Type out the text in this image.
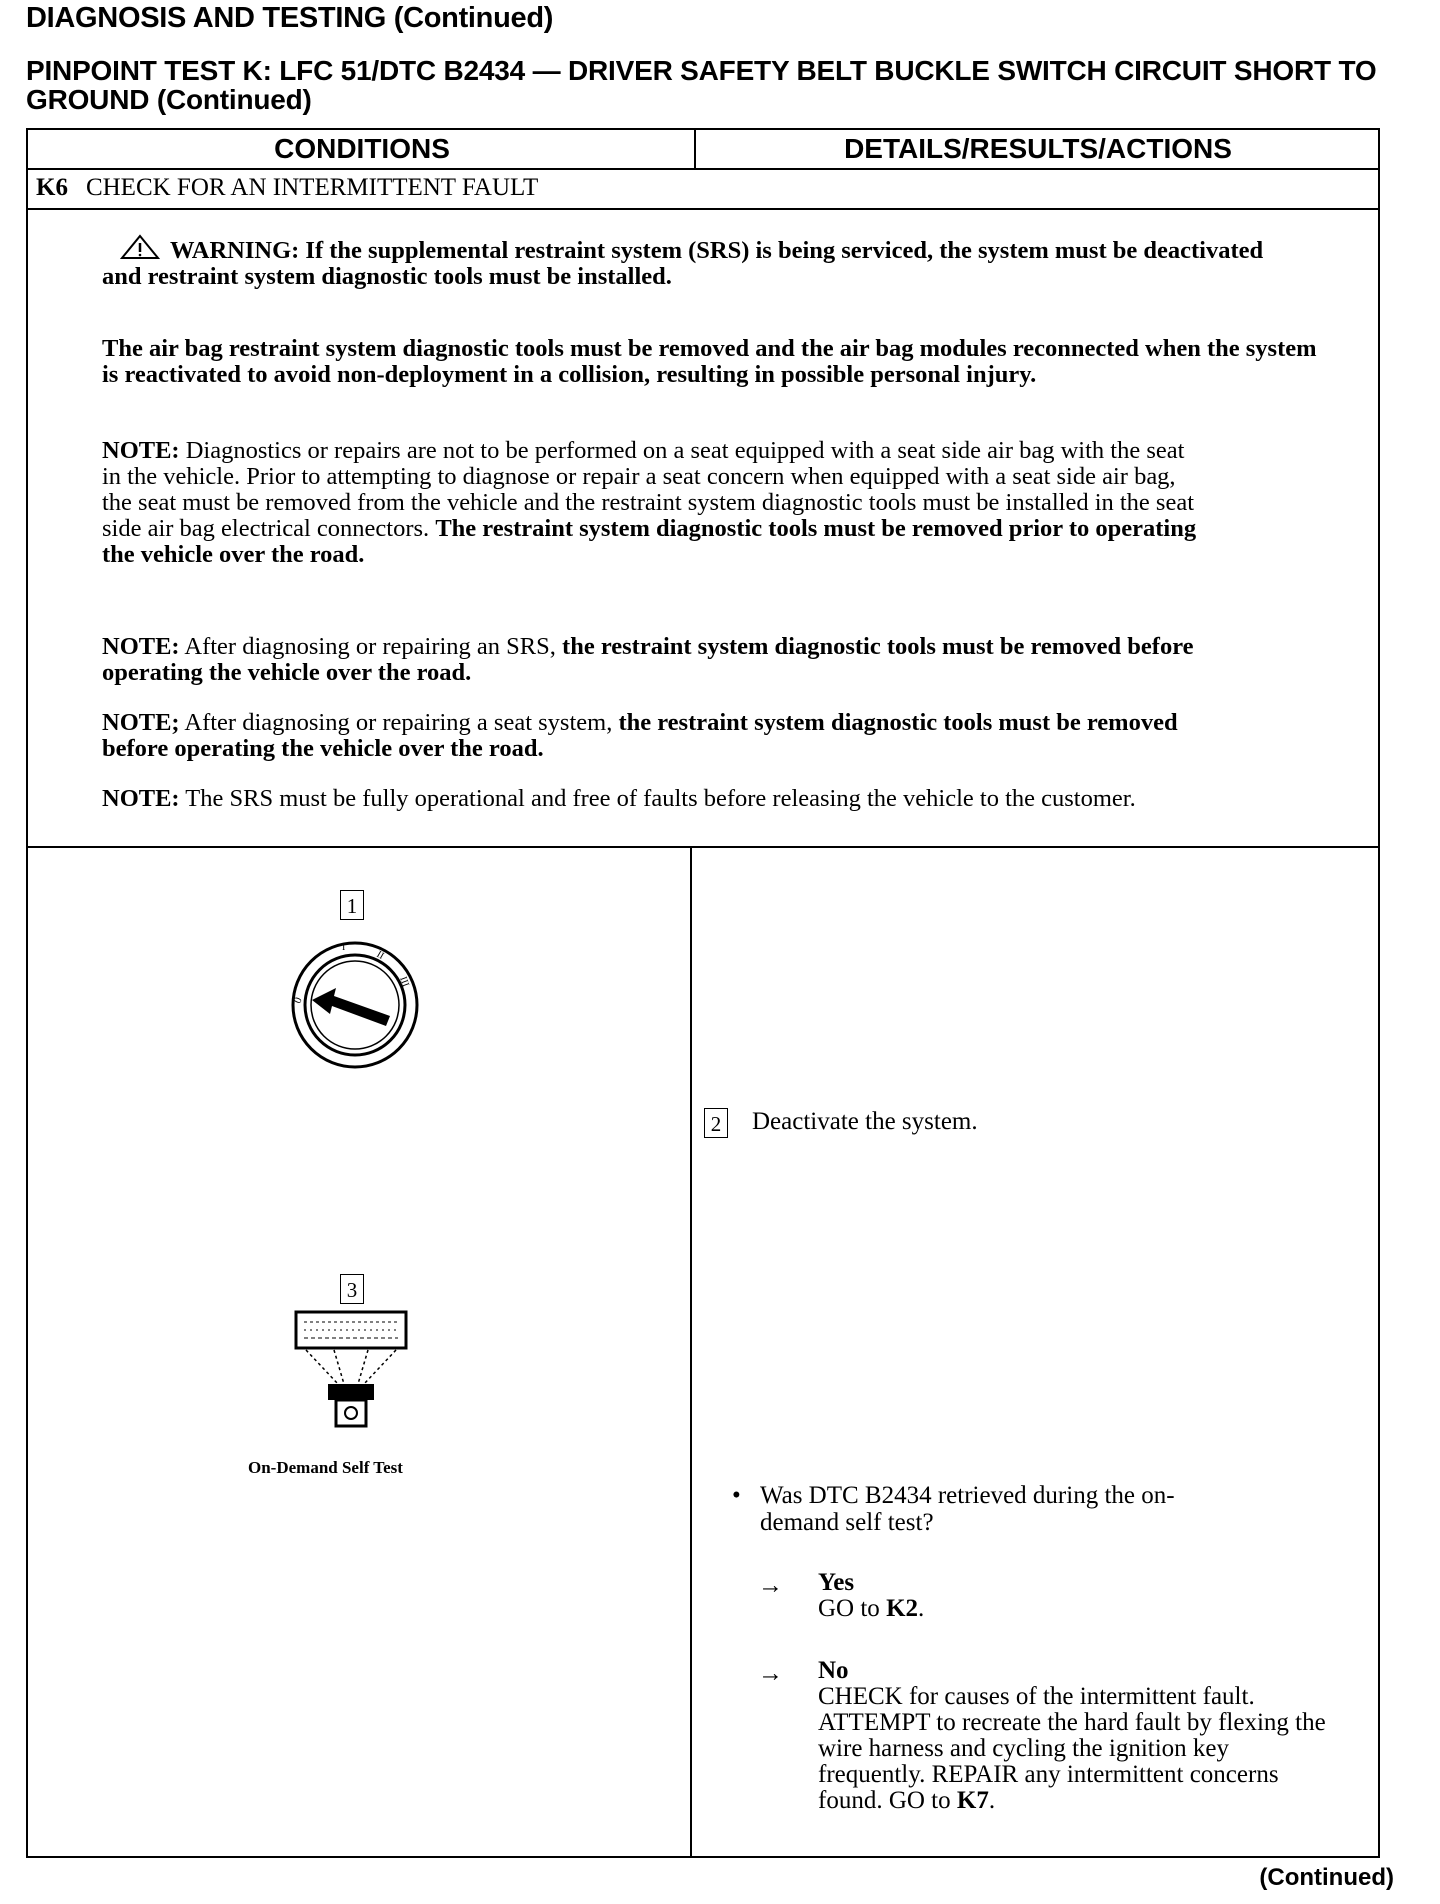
DIAGNOSIS AND TESTING (Continued)
PINPOINT TEST K: LFC 51/DTC B2434 — DRIVER SAFETY BELT BUCKLE SWITCH CIRCUIT SHORT TO GROUND (Continued)
CONDITIONS	DETAILS/RESULTS/ACTIONS
K6 CHECK FOR AN INTERMITTENT FAULT
WARNING: If the supplemental restraint system (SRS) is being serviced, the system must be deactivated and restraint system diagnostic tools must be installed.
The air bag restraint system diagnostic tools must be removed and the air bag modules reconnected when the system is reactivated to avoid non-deployment in a collision, resulting in possible personal injury.
NOTE: Diagnostics or repairs are not to be performed on a seat equipped with a seat side air bag with the seat in the vehicle. Prior to attempting to diagnose or repair a seat concern when equipped with a seat side air bag, the seat must be removed from the vehicle and the restraint system diagnostic tools must be installed in the seat side air bag electrical connectors. The restraint system diagnostic tools must be removed prior to operating the vehicle over the road.
NOTE: After diagnosing or repairing an SRS, the restraint system diagnostic tools must be removed before operating the vehicle over the road.
NOTE; After diagnosing or repairing a seat system, the restraint system diagnostic tools must be removed before operating the vehicle over the road.
NOTE: The SRS must be fully operational and free of faults before releasing the vehicle to the customer.
1
0
I
II
III
3
On-Demand Self Test
2 Deactivate the system.
• Was DTC B2434 retrieved during the on-demand self test?
→ Yes
GO to K2.
→ No
CHECK for causes of the intermittent fault. ATTEMPT to recreate the hard fault by flexing the wire harness and cycling the ignition key frequently. REPAIR any intermittent concerns found. GO to K7.
(Continued)
